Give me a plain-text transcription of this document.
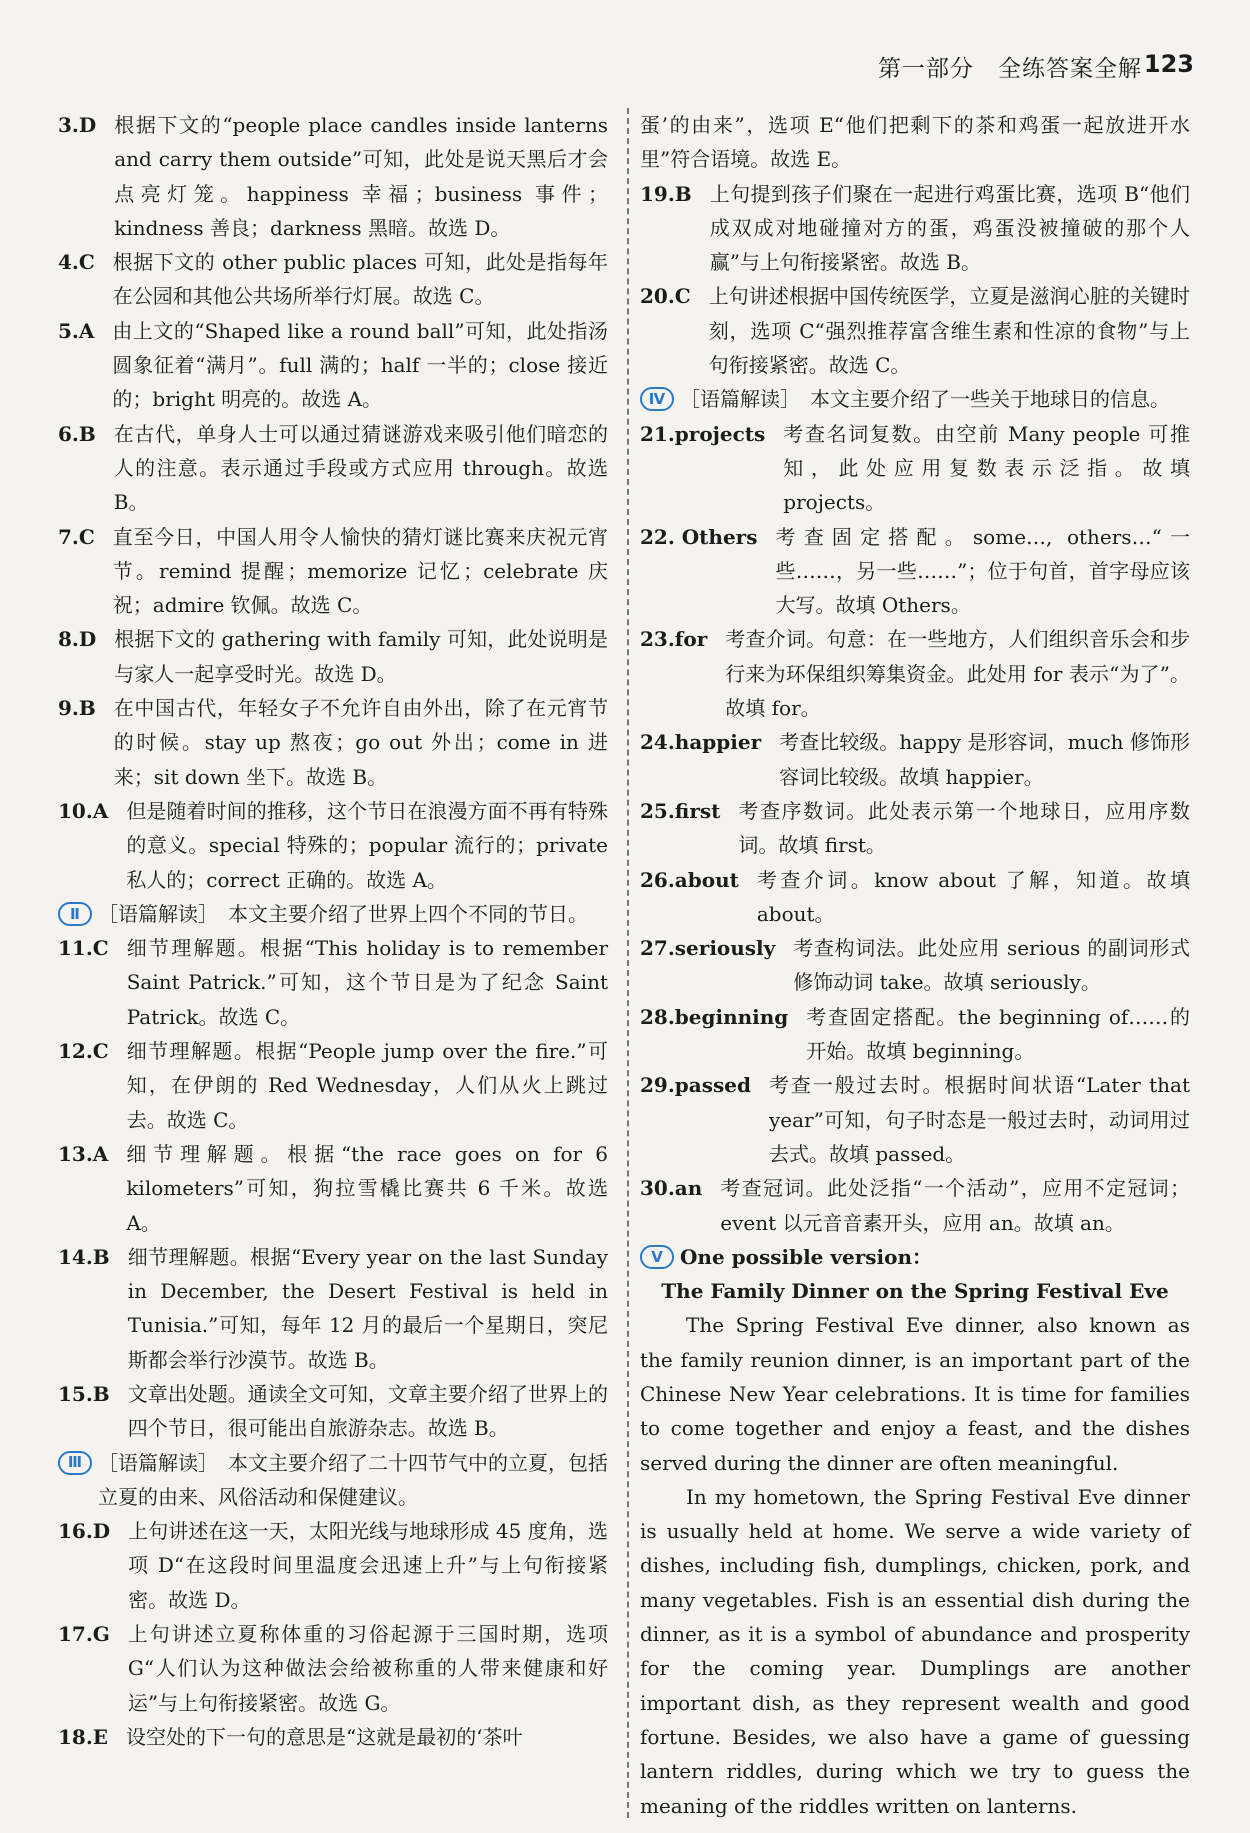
第一部分　全练答案全解 123
3.D 根据下文的“people place candles inside lanterns and carry them outside”可知，此处是说天黑后才会点亮灯笼。happiness 幸福；business 事件；kindness 善良；darkness 黑暗。故选 D。
4.C 根据下文的 other public places 可知，此处是指每年在公园和其他公共场所举行灯展。故选 C。
5.A 由上文的“Shaped like a round ball”可知，此处指汤圆象征着“满月”。full 满的；half 一半的；close 接近的；bright 明亮的。故选 A。
6.B 在古代，单身人士可以通过猜谜游戏来吸引他们暗恋的人的注意。表示通过手段或方式应用 through。故选 B。
7.C 直至今日，中国人用令人愉快的猜灯谜比赛来庆祝元宵节。remind 提醒；memorize 记忆；celebrate 庆祝；admire 钦佩。故选 C。
8.D 根据下文的 gathering with family 可知，此处说明是与家人一起享受时光。故选 D。
9.B 在中国古代，年轻女子不允许自由外出，除了在元宵节的时候。stay up 熬夜；go out 外出；come in 进来；sit down 坐下。故选 B。
10.A 但是随着时间的推移，这个节日在浪漫方面不再有特殊的意义。special 特殊的；popular 流行的；private 私人的；correct 正确的。故选 A。
Ⅱ ［语篇解读］　本文主要介绍了世界上四个不同的节日。
11.C 细节理解题。根据“This holiday is to remember Saint Patrick.”可知，这个节日是为了纪念 Saint Patrick。故选 C。
12.C 细节理解题。根据“People jump over the fire.”可知，在伊朗的 Red Wednesday，人们从火上跳过去。故选 C。
13.A 细节理解题。根据“the race goes on for 6 kilometers”可知，狗拉雪橇比赛共 6 千米。故选 A。
14.B 细节理解题。根据“Every year on the last Sunday in December, the Desert Festival is held in Tunisia.”可知，每年 12 月的最后一个星期日，突尼斯都会举行沙漠节。故选 B。
15.B 文章出处题。通读全文可知，文章主要介绍了世界上的四个节日，很可能出自旅游杂志。故选 B。
Ⅲ ［语篇解读］　本文主要介绍了二十四节气中的立夏，包括立夏的由来、风俗活动和保健建议。
16.D 上句讲述在这一天，太阳光线与地球形成 45 度角，选项 D“在这段时间里温度会迅速上升”与上句衔接紧密。故选 D。
17.G 上句讲述立夏称体重的习俗起源于三国时期，选项 G“人们认为这种做法会给被称重的人带来健康和好运”与上句衔接紧密。故选 G。
18.E 设空处的下一句的意思是“这就是最初的‘茶叶
蛋’的由来”，选项 E“他们把剩下的茶和鸡蛋一起放进开水里”符合语境。故选 E。
19.B 上句提到孩子们聚在一起进行鸡蛋比赛，选项 B“他们成双成对地碰撞对方的蛋，鸡蛋没被撞破的那个人赢”与上句衔接紧密。故选 B。
20.C 上句讲述根据中国传统医学，立夏是滋润心脏的关键时刻，选项 C“强烈推荐富含维生素和性凉的食物”与上句衔接紧密。故选 C。
Ⅳ ［语篇解读］　本文主要介绍了一些关于地球日的信息。
21.projects 考查名词复数。由空前 Many people 可推知，此处应用复数表示泛指。故填 projects。
22. Others 考查固定搭配。some…, others…“一些……，另一些……”；位于句首，首字母应该大写。故填 Others。
23.for 考查介词。句意：在一些地方，人们组织音乐会和步行来为环保组织筹集资金。此处用 for 表示“为了”。故填 for。
24.happier 考查比较级。happy 是形容词，much 修饰形容词比较级。故填 happier。
25.first 考查序数词。此处表示第一个地球日，应用序数词。故填 first。
26.about 考查介词。know about 了解，知道。故填 about。
27.seriously 考查构词法。此处应用 serious 的副词形式修饰动词 take。故填 seriously。
28.beginning 考查固定搭配。the beginning of……的开始。故填 beginning。
29.passed 考查一般过去时。根据时间状语“Later that year”可知，句子时态是一般过去时，动词用过去式。故填 passed。
30.an 考查冠词。此处泛指“一个活动”，应用不定冠词；event 以元音音素开头，应用 an。故填 an。
Ⅴ One possible version：
The Family Dinner on the Spring Festival Eve
The Spring Festival Eve dinner, also known as the family reunion dinner, is an important part of the Chinese New Year celebrations. It is time for families to come together and enjoy a feast, and the dishes served during the dinner are often meaningful.
In my hometown, the Spring Festival Eve dinner is usually held at home. We serve a wide variety of dishes, including fish, dumplings, chicken, pork, and many vegetables. Fish is an essential dish during the dinner, as it is a symbol of abundance and prosperity for the coming year. Dumplings are another important dish, as they represent wealth and good fortune. Besides, we also have a game of guessing lantern riddles, during which we try to guess the meaning of the riddles written on lanterns.
